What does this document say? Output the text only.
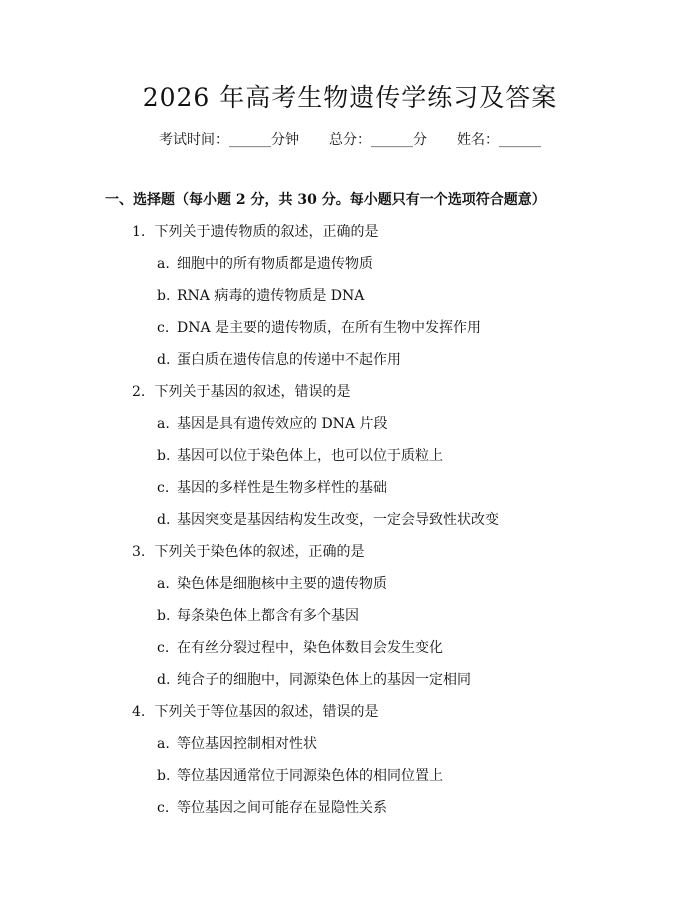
2026 年高考生物遗传学练习及答案
考试时间：______分钟 总分：______分 姓名：______
一、选择题（每小题 2 分，共 30 分。每小题只有一个选项符合题意）
1. 下列关于遗传物质的叙述，正确的是
a. 细胞中的所有物质都是遗传物质
b. RNA 病毒的遗传物质是 DNA
c. DNA 是主要的遗传物质，在所有生物中发挥作用
d. 蛋白质在遗传信息的传递中不起作用
2. 下列关于基因的叙述，错误的是
a. 基因是具有遗传效应的 DNA 片段
b. 基因可以位于染色体上，也可以位于质粒上
c. 基因的多样性是生物多样性的基础
d. 基因突变是基因结构发生改变，一定会导致性状改变
3. 下列关于染色体的叙述，正确的是
a. 染色体是细胞核中主要的遗传物质
b. 每条染色体上都含有多个基因
c. 在有丝分裂过程中，染色体数目会发生变化
d. 纯合子的细胞中，同源染色体上的基因一定相同
4. 下列关于等位基因的叙述，错误的是
a. 等位基因控制相对性状
b. 等位基因通常位于同源染色体的相同位置上
c. 等位基因之间可能存在显隐性关系
